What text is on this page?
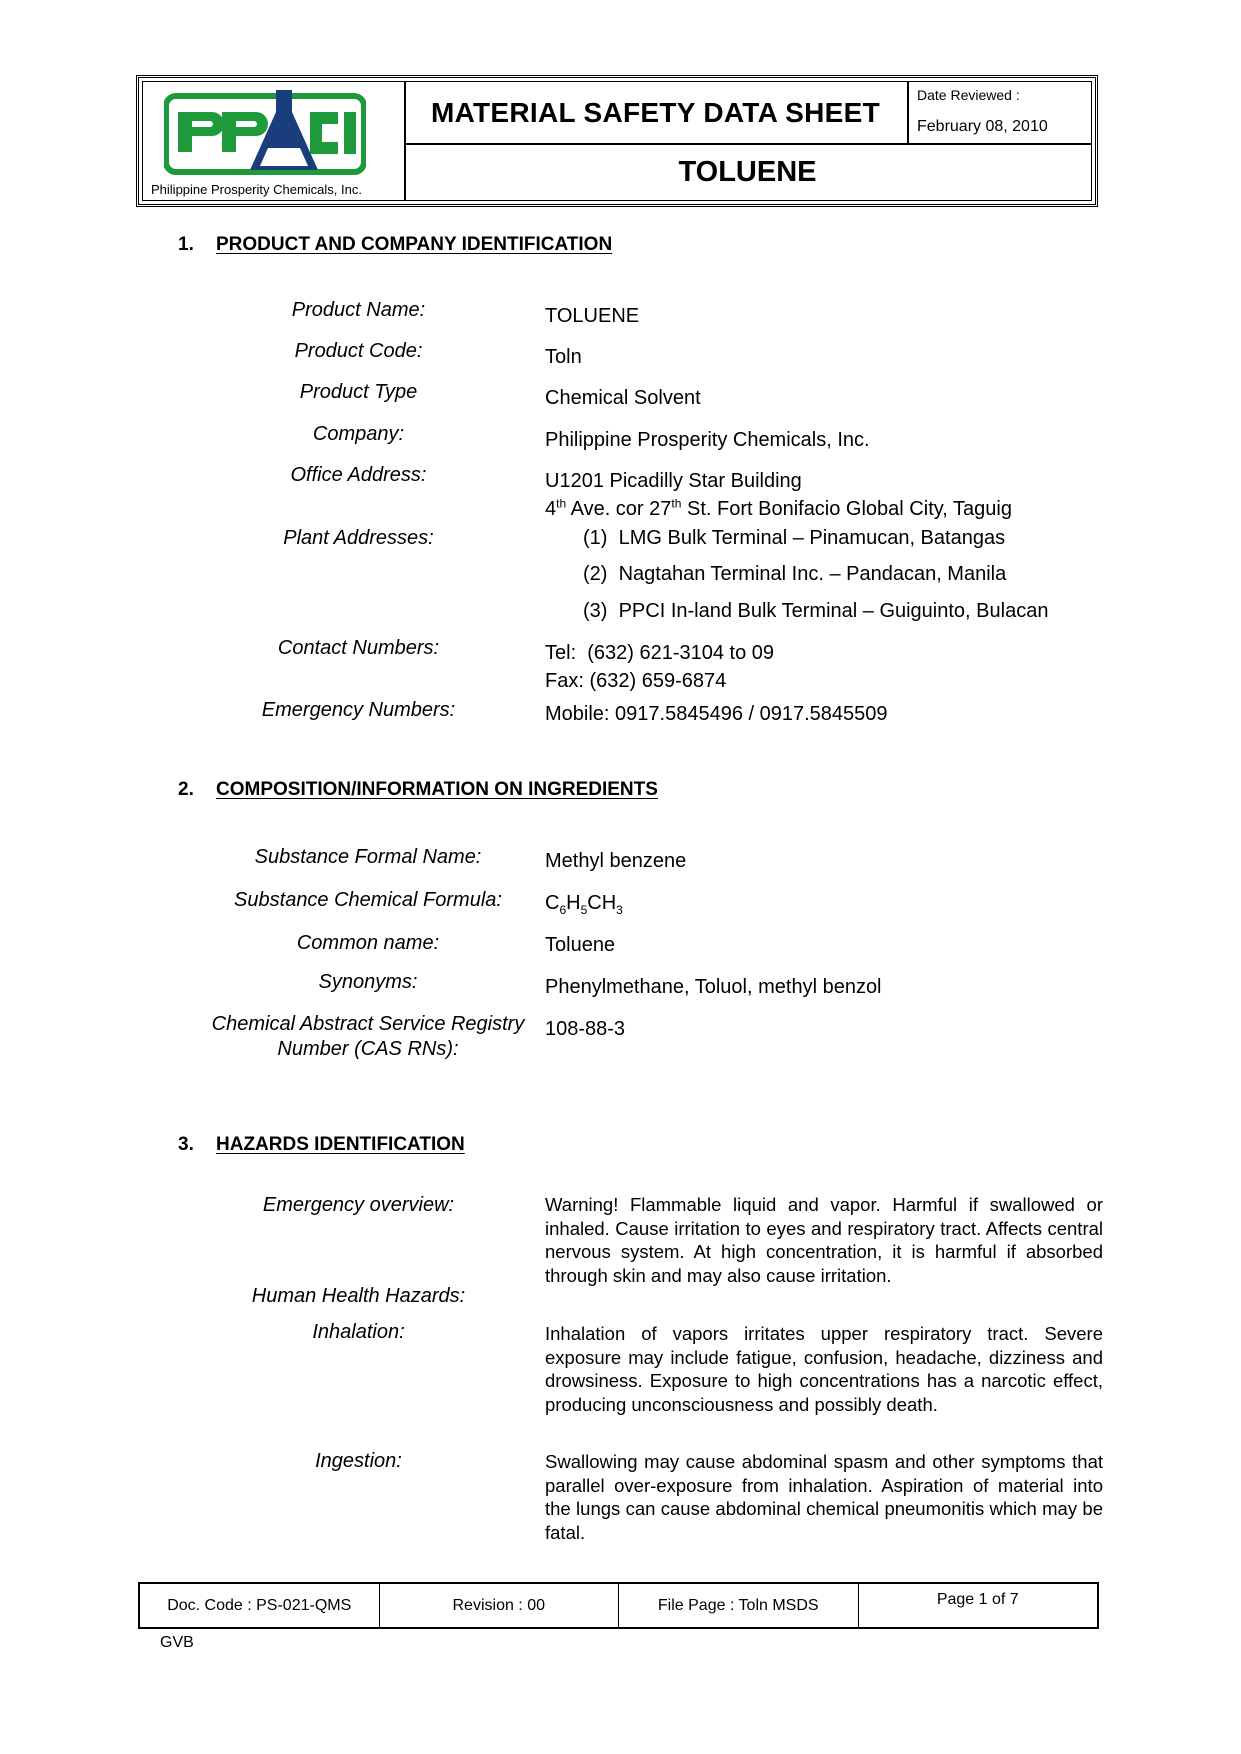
Philippine Prosperity Chemicals, Inc.
MATERIAL SAFETY DATA SHEET
Date Reviewed :
February 08, 2010
TOLUENE
1. PRODUCT AND COMPANY IDENTIFICATION
Product Name:	TOLUENE
Product Code:	Toln
Product Type	Chemical Solvent
Company:	Philippine Prosperity Chemicals, Inc.
Office Address:	U1201 Picadilly Star Building
4th Ave. cor 27th St. Fort Bonifacio Global City, Taguig
Plant Addresses:	(1) LMG Bulk Terminal – Pinamucan, Batangas
(2) Nagtahan Terminal Inc. – Pandacan, Manila
(3) PPCI In-land Bulk Terminal – Guiguinto, Bulacan
Contact Numbers:	Tel:  (632) 621-3104 to 09
Fax: (632) 659-6874
Emergency Numbers:	Mobile: 0917.5845496 / 0917.5845509
2. COMPOSITION/INFORMATION ON INGREDIENTS
Substance Formal Name:	Methyl benzene
Substance Chemical Formula:	$C_6H_5CH_3$
Common name:	Toluene
Synonyms:	Phenylmethane, Toluol, methyl benzol
Chemical Abstract Service Registry
Number (CAS RNs):
108-88-3
3. HAZARDS IDENTIFICATION
Emergency overview:	Warning! Flammable liquid and vapor. Harmful if swallowed or inhaled. Cause irritation to eyes and respiratory tract. Affects central nervous system. At high concentration, it is harmful if absorbed through skin and may also cause irritation.
Human Health Hazards:
Inhalation:	Inhalation of vapors irritates upper respiratory tract. Severe exposure may include fatigue, confusion, headache, dizziness and drowsiness. Exposure to high concentrations has a narcotic effect, producing unconsciousness and possibly death.
Ingestion:	Swallowing may cause abdominal spasm and other symptoms that parallel over-exposure from inhalation. Aspiration of material into the lungs can cause abdominal chemical pneumonitis which may be fatal.
Doc. Code : PS-021-QMS	Revision : 00	File Page : Toln MSDS	Page 1 of 7
GVB
